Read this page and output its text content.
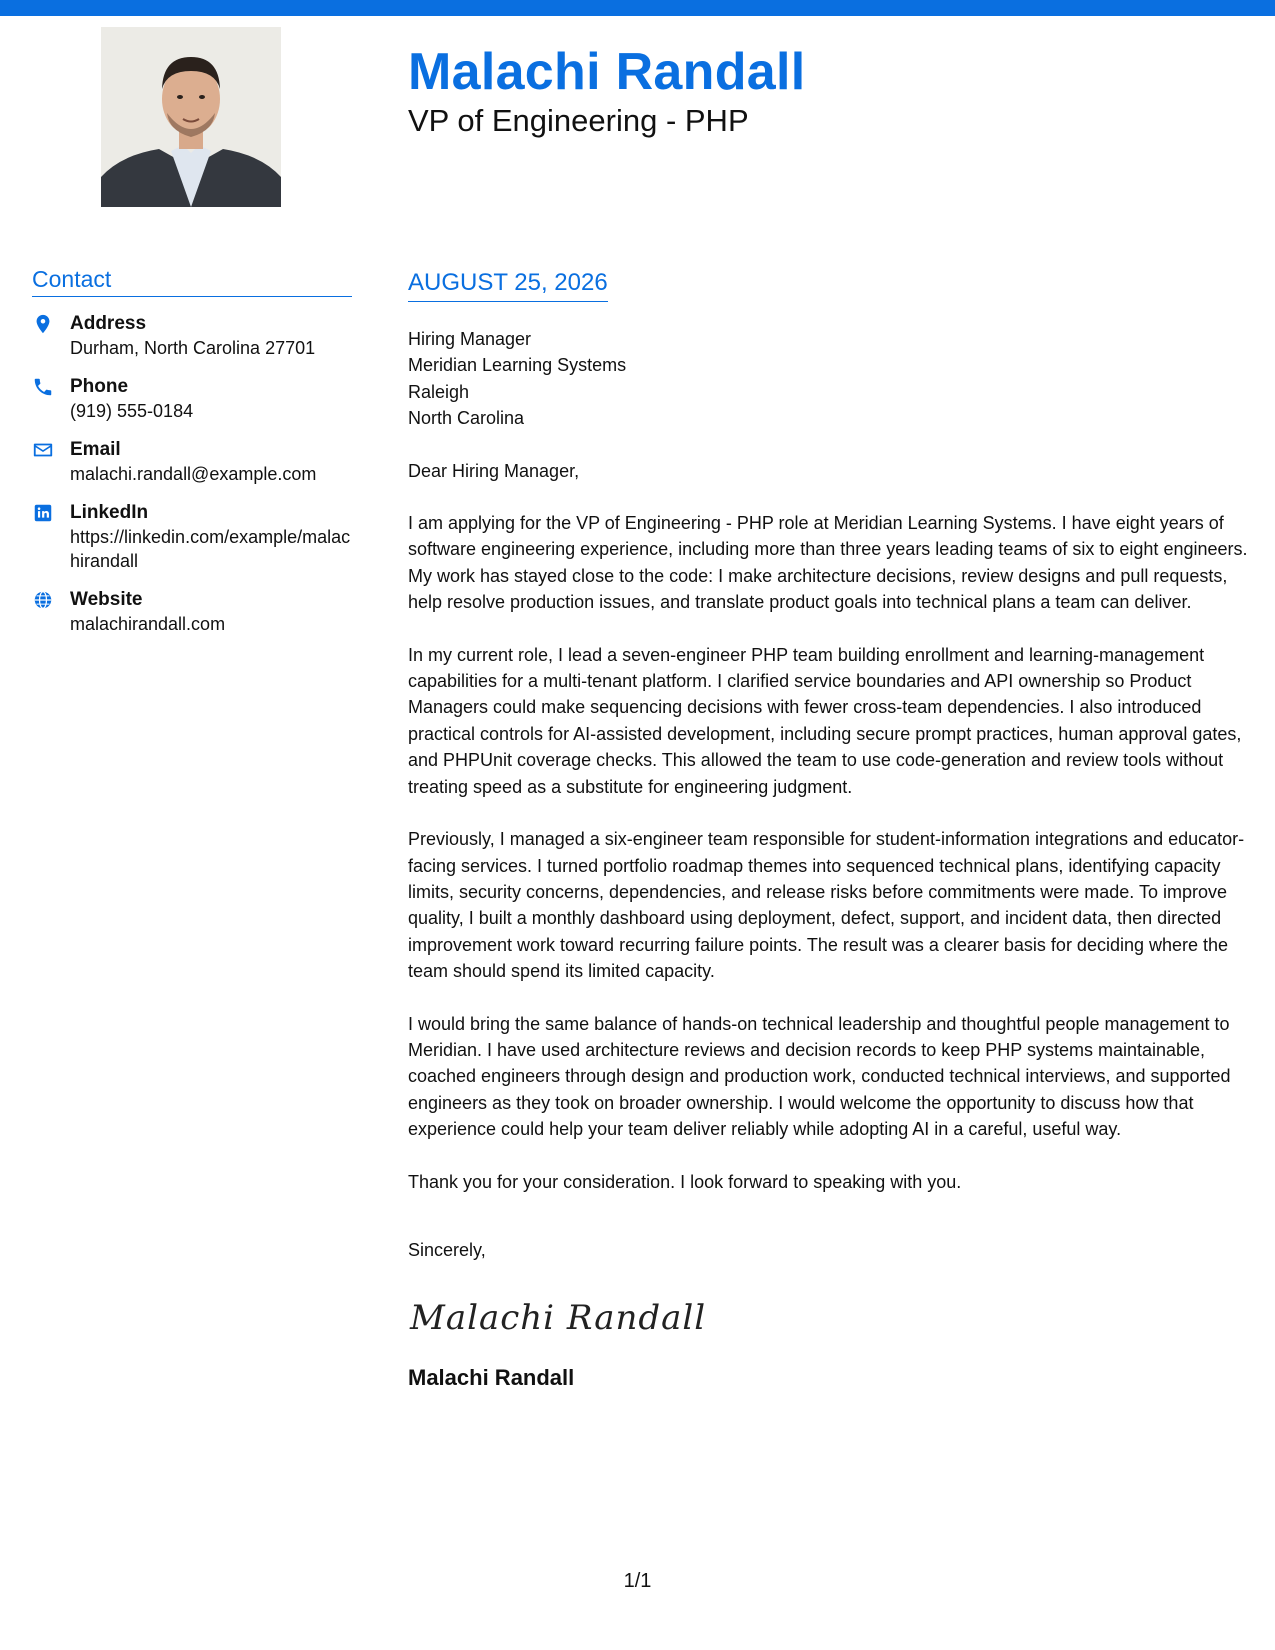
Malachi Randall
VP of Engineering - PHP
Contact
Address
Durham, North Carolina 27701
Phone
(919) 555-0184
Email
malachi.randall@example.com
LinkedIn
https://linkedin.com/example/malachirandall
Website
malachirandall.com
AUGUST 25, 2026
Hiring Manager
Meridian Learning Systems
Raleigh
North Carolina
Dear Hiring Manager,

I am applying for the VP of Engineering - PHP role at Meridian Learning Systems. I have eight years of software engineering experience, including more than three years leading teams of six to eight engineers. My work has stayed close to the code: I make architecture decisions, review designs and pull requests, help resolve production issues, and translate product goals into technical plans a team can deliver.

In my current role, I lead a seven-engineer PHP team building enrollment and learning-management capabilities for a multi-tenant platform. I clarified service boundaries and API ownership so Product Managers could make sequencing decisions with fewer cross-team dependencies. I also introduced practical controls for AI-assisted development, including secure prompt practices, human approval gates, and PHPUnit coverage checks. This allowed the team to use code-generation and review tools without treating speed as a substitute for engineering judgment.

Previously, I managed a six-engineer team responsible for student-information integrations and educator-facing services. I turned portfolio roadmap themes into sequenced technical plans, identifying capacity limits, security concerns, dependencies, and release risks before commitments were made. To improve quality, I built a monthly dashboard using deployment, defect, support, and incident data, then directed improvement work toward recurring failure points. The result was a clearer basis for deciding where the team should spend its limited capacity.

I would bring the same balance of hands-on technical leadership and thoughtful people management to Meridian. I have used architecture reviews and decision records to keep PHP systems maintainable, coached engineers through design and production work, conducted technical interviews, and supported engineers as they took on broader ownership. I would welcome the opportunity to discuss how that experience could help your team deliver reliably while adopting AI in a careful, useful way.

Thank you for your consideration. I look forward to speaking with you.

Sincerely,
Malachi Randall
Malachi Randall
1/1
